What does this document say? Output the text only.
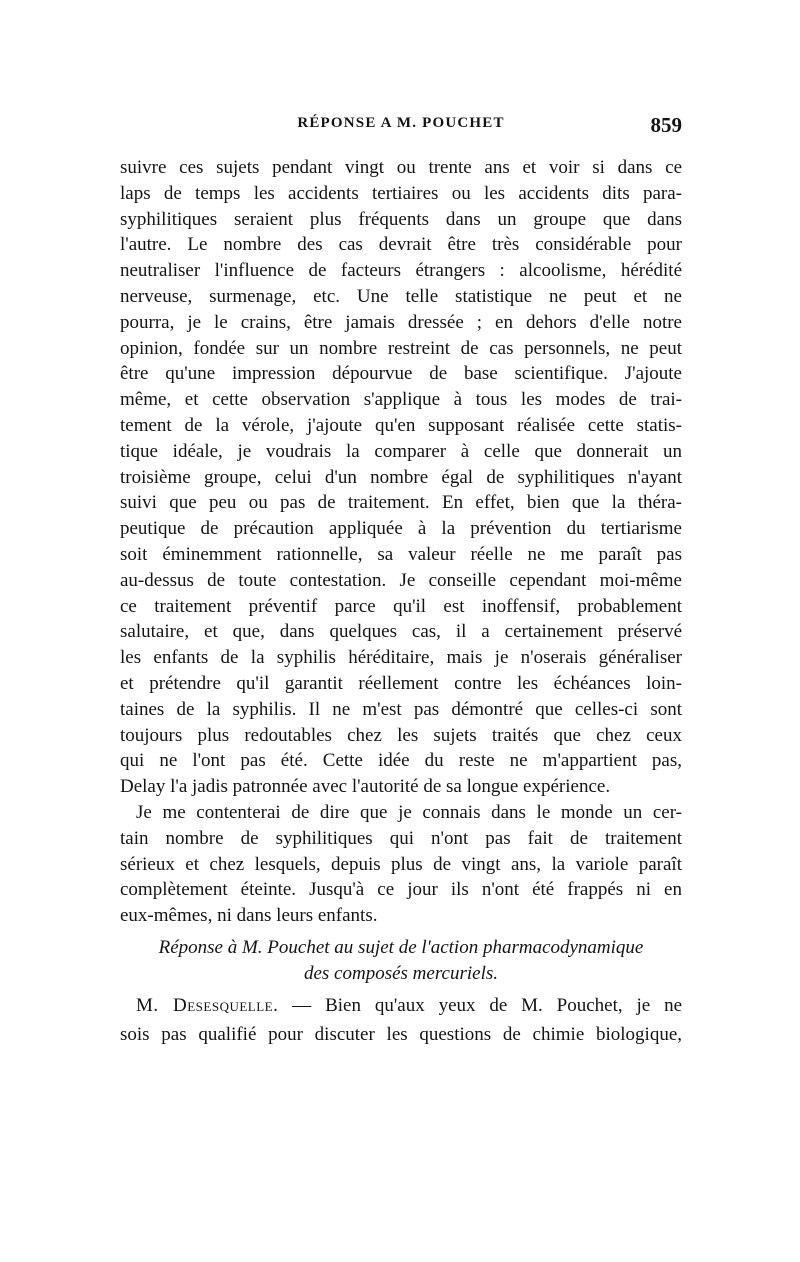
RÉPONSE A M. POUCHET	859
suivre ces sujets pendant vingt ou trente ans et voir si dans ce
laps de temps les accidents tertiaires ou les accidents dits para-
syphilitiques seraient plus fréquents dans un groupe que dans
l'autre. Le nombre des cas devrait être très considérable pour
neutraliser l'influence de facteurs étrangers : alcoolisme, hérédité
nerveuse, surmenage, etc. Une telle statistique ne peut et ne
pourra, je le crains, être jamais dressée ; en dehors d'elle notre
opinion, fondée sur un nombre restreint de cas personnels, ne peut
être qu'une impression dépourvue de base scientifique. J'ajoute
même, et cette observation s'applique à tous les modes de trai-
tement de la vérole, j'ajoute qu'en supposant réalisée cette statis-
tique idéale, je voudrais la comparer à celle que donnerait un
troisième groupe, celui d'un nombre égal de syphilitiques n'ayant
suivi que peu ou pas de traitement. En effet, bien que la théra-
peutique de précaution appliquée à la prévention du tertiarisme
soit éminemment rationnelle, sa valeur réelle ne me paraît pas
au-dessus de toute contestation. Je conseille cependant moi-même
ce traitement préventif parce qu'il est inoffensif, probablement
salutaire, et que, dans quelques cas, il a certainement préservé
les enfants de la syphilis héréditaire, mais je n'oserais généraliser
et prétendre qu'il garantit réellement contre les échéances loin-
taines de la syphilis. Il ne m'est pas démontré que celles-ci sont
toujours plus redoutables chez les sujets traités que chez ceux
qui ne l'ont pas été. Cette idée du reste ne m'appartient pas,
Delay l'a jadis patronnée avec l'autorité de sa longue expérience.
Je me contenterai de dire que je connais dans le monde un cer-
tain nombre de syphilitiques qui n'ont pas fait de traitement
sérieux et chez lesquels, depuis plus de vingt ans, la variole paraît
complètement éteinte. Jusqu'à ce jour ils n'ont été frappés ni en
eux-mêmes, ni dans leurs enfants.
Réponse à M. Pouchet au sujet de l'action pharmacodynamique
des composés mercuriels.
M. Desesquelle. — Bien qu'aux yeux de M. Pouchet, je ne
sois pas qualifié pour discuter les questions de chimie biologique,
